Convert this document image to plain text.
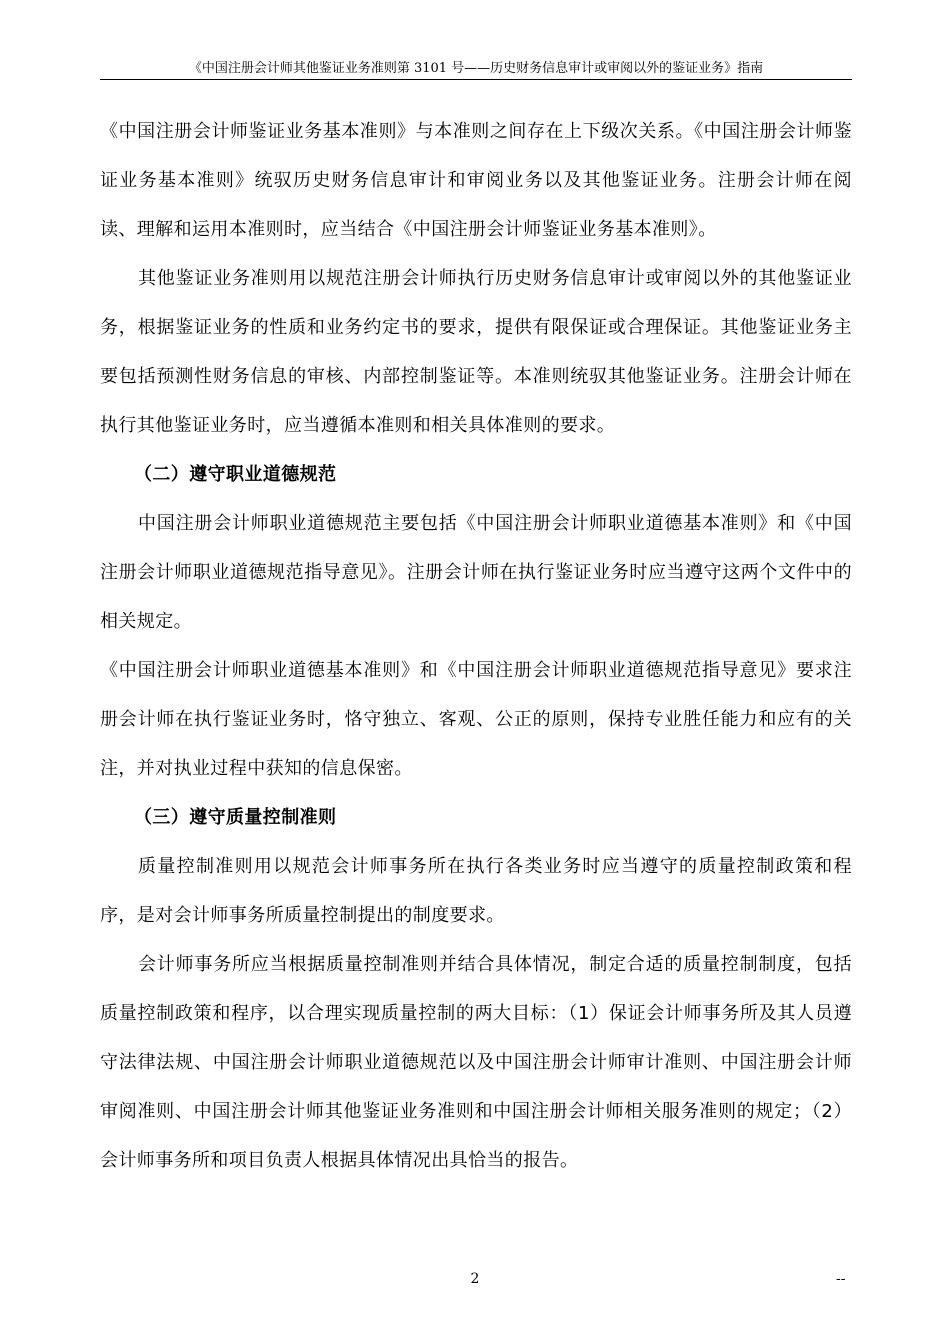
《中国注册会计师其他鉴证业务准则第 3101 号——历史财务信息审计或审阅以外的鉴证业务》指南

《中国注册会计师鉴证业务基本准则》与本准则之间存在上下级次关系。《中国注册会计师鉴证业务基本准则》统驭历史财务信息审计和审阅业务以及其他鉴证业务。注册会计师在阅读、理解和运用本准则时，应当结合《中国注册会计师鉴证业务基本准则》。

其他鉴证业务准则用以规范注册会计师执行历史财务信息审计或审阅以外的其他鉴证业务，根据鉴证业务的性质和业务约定书的要求，提供有限保证或合理保证。其他鉴证业务主要包括预测性财务信息的审核、内部控制鉴证等。本准则统驭其他鉴证业务。注册会计师在执行其他鉴证业务时，应当遵循本准则和相关具体准则的要求。

（二）遵守职业道德规范

中国注册会计师职业道德规范主要包括《中国注册会计师职业道德基本准则》和《中国注册会计师职业道德规范指导意见》。注册会计师在执行鉴证业务时应当遵守这两个文件中的相关规定。

《中国注册会计师职业道德基本准则》和《中国注册会计师职业道德规范指导意见》要求注册会计师在执行鉴证业务时，恪守独立、客观、公正的原则，保持专业胜任能力和应有的关注，并对执业过程中获知的信息保密。

（三）遵守质量控制准则

质量控制准则用以规范会计师事务所在执行各类业务时应当遵守的质量控制政策和程序，是对会计师事务所质量控制提出的制度要求。

会计师事务所应当根据质量控制准则并结合具体情况，制定合适的质量控制制度，包括质量控制政策和程序，以合理实现质量控制的两大目标：（1）保证会计师事务所及其人员遵守法律法规、中国注册会计师职业道德规范以及中国注册会计师审计准则、中国注册会计师审阅准则、中国注册会计师其他鉴证业务准则和中国注册会计师相关服务准则的规定；（2）会计师事务所和项目负责人根据具体情况出具恰当的报告。

2	--
